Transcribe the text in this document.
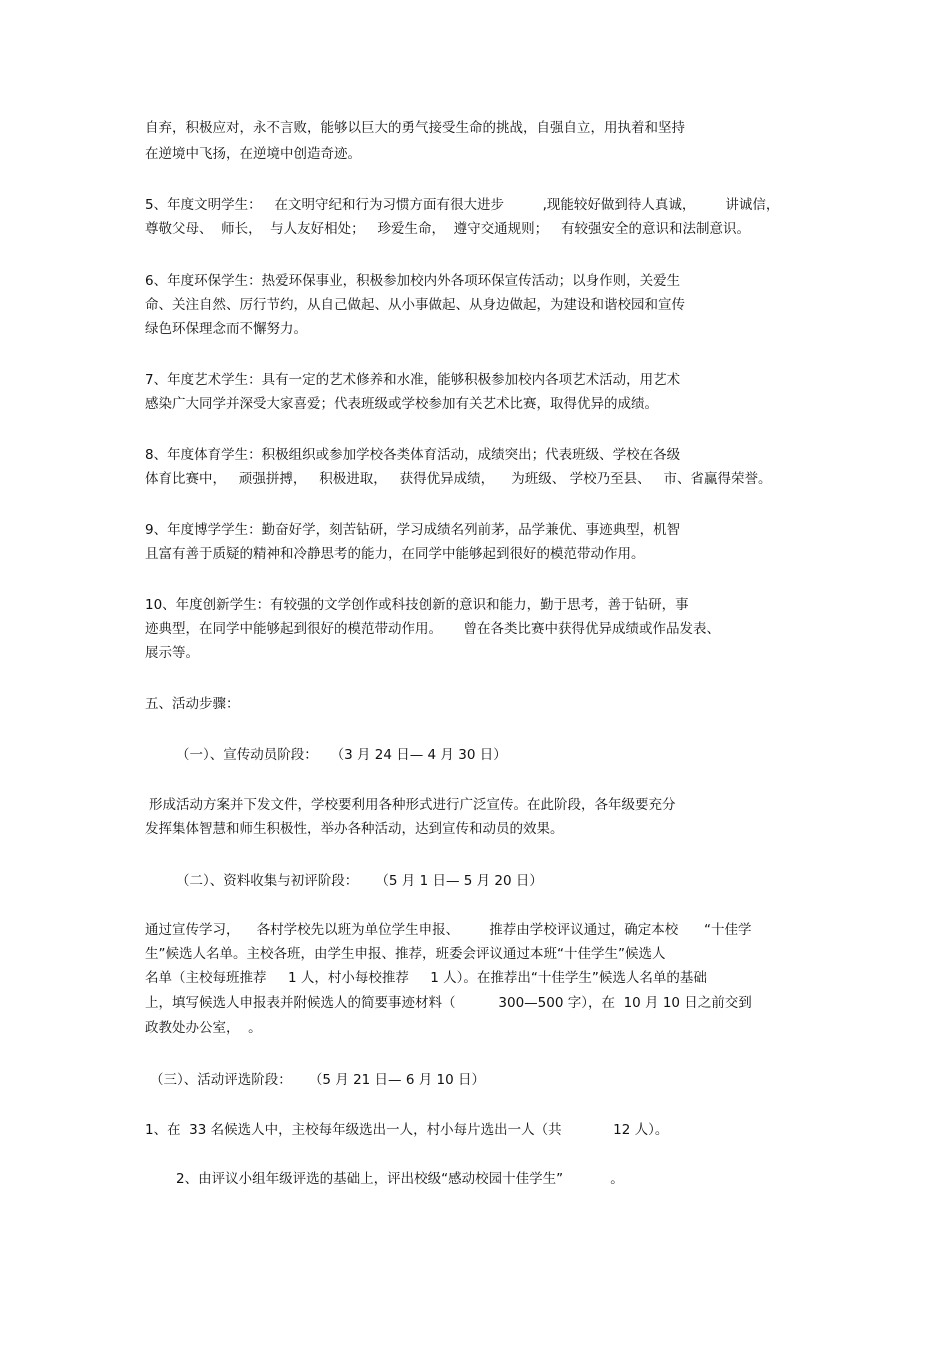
自弃，积极应对，永不言败，能够以巨大的勇气接受生命的挑战，自强自立，用执着和坚持
在逆境中飞扬，在逆境中创造奇迹。
5、年度文明学生：   在文明守纪和行为习惯方面有很大进步         ,现能较好做到待人真诚，       讲诚信，
尊敬父母、  师长，  与人友好相处；   珍爱生命，  遵守交通规则；   有较强安全的意识和法制意识。
6、年度环保学生：热爱环保事业，积极参加校内外各项环保宣传活动；以身作则，关爱生
命、关注自然、厉行节约，从自己做起、从小事做起、从身边做起，为建设和谐校园和宣传
绿色环保理念而不懈努力。
7、年度艺术学生：具有一定的艺术修养和水准，能够积极参加校内各项艺术活动，用艺术
感染广大同学并深受大家喜爱；代表班级或学校参加有关艺术比赛，取得优异的成绩。
8、年度体育学生：积极组织或参加学校各类体育活动，成绩突出；代表班级、学校在各级
体育比赛中，   顽强拼搏，   积极进取，   获得优异成绩，    为班级、 学校乃至县、   市、省赢得荣誉。
9、年度博学学生：勤奋好学，刻苦钻研，学习成绩名列前茅，品学兼优、事迹典型，机智
且富有善于质疑的精神和冷静思考的能力，在同学中能够起到很好的模范带动作用。
10、年度创新学生：有较强的文学创作或科技创新的意识和能力，勤于思考，善于钻研，事
迹典型，在同学中能够起到很好的模范带动作用。     曾在各类比赛中获得优异成绩或作品发表、
展示等。
五、活动步骤：
（一）、宣传动员阶段：   （3 月 24 日— 4 月 30 日）
形成活动方案并下发文件，学校要利用各种形式进行广泛宣传。在此阶段，各年级要充分
发挥集体智慧和师生积极性，举办各种活动，达到宣传和动员的效果。
（二）、资料收集与初评阶段：    （5 月 1 日— 5 月 20 日）
通过宣传学习，    各村学校先以班为单位学生申报、       推荐由学校评议通过，确定本校      “十佳学
生”候选人名单。主校各班，由学生申报、推荐，班委会评议通过本班“十佳学生”候选人
名单（主校每班推荐     1 人，村小每校推荐     1 人）。在推荐出“十佳学生”候选人名单的基础
上，填写候选人申报表并附候选人的简要事迹材料（          300—500 字），在  10 月 10 日之前交到
政教处办公室，  。
（三）、活动评选阶段：    （5 月 21 日— 6 月 10 日）
1、在  33 名候选人中，主校每年级选出一人，村小每片选出一人（共            12 人）。
2、由评议小组年级评选的基础上，评出校级“感动校园十佳学生”           。
